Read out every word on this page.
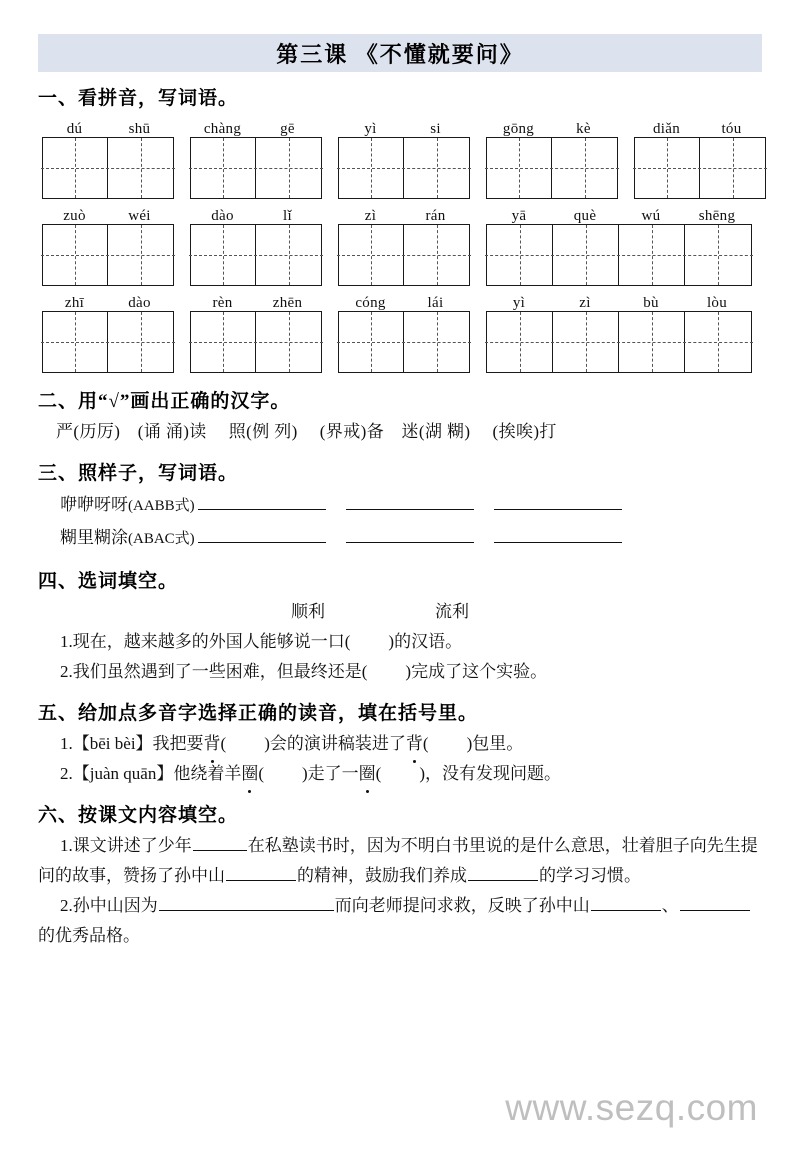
第三课 《不懂就要问》
一、看拼音，写词语。
dú	shū	chàng	gē	yì	si	gōng	kè	diǎn	tóu
zuò	wéi	dào	lǐ	zì	rán	yā	què	wú	shēng
zhī	dào	rèn	zhēn	cóng	lái	yì	zì	bù	lòu
二、用“√”画出正确的汉字。
严(历厉)　(诵 涌)读　 照(例 列)　 (界戒)备　迷(湖 糊)　 (挨唉)打
三、照样子，写词语。
咿咿呀呀(AABB式)
糊里糊涂(ABAC式)
四、选词填空。
顺利	流利
1.现在，越来越多的外国人能够说一口( )的汉语。
2.我们虽然遇到了一些困难，但最终还是( )完成了这个实验。
五、给加点多音字选择正确的读音，填在括号里。
1.【bēi bèi】我把要背( )会的演讲稿装进了背( )包里。
2.【juàn quān】他绕着羊圈( )走了一圈( )，没有发现问题。
六、按课文内容填空。
1.课文讲述了少年	在私塾读书时，因为不明白书里说的是什么意思，壮着胆子向先生提问的故事，赞扬了孙中山	的精神，鼓励我们养成	的学习习惯。
2.孙中山因为	而向老师提问求救，反映了孙中山	、的优秀品格。
www.sezq.com
